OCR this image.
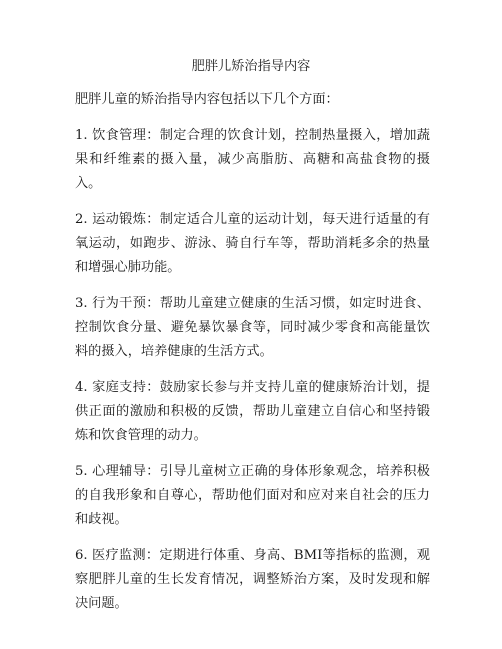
肥胖儿矫治指导内容

肥胖儿童的矫治指导内容包括以下几个方面：

1. 饮食管理：制定合理的饮食计划，控制热量摄入，增加蔬果和纤维素的摄入量，减少高脂肪、高糖和高盐食物的摄入。

2. 运动锻炼：制定适合儿童的运动计划，每天进行适量的有氧运动，如跑步、游泳、骑自行车等，帮助消耗多余的热量和增强心肺功能。

3. 行为干预：帮助儿童建立健康的生活习惯，如定时进食、控制饮食分量、避免暴饮暴食等，同时减少零食和高能量饮料的摄入，培养健康的生活方式。

4. 家庭支持：鼓励家长参与并支持儿童的健康矫治计划，提供正面的激励和积极的反馈，帮助儿童建立自信心和坚持锻炼和饮食管理的动力。

5. 心理辅导：引导儿童树立正确的身体形象观念，培养积极的自我形象和自尊心，帮助他们面对和应对来自社会的压力和歧视。

6. 医疗监测：定期进行体重、身高、BMI等指标的监测，观察肥胖儿童的生长发育情况，调整矫治方案，及时发现和解决问题。
